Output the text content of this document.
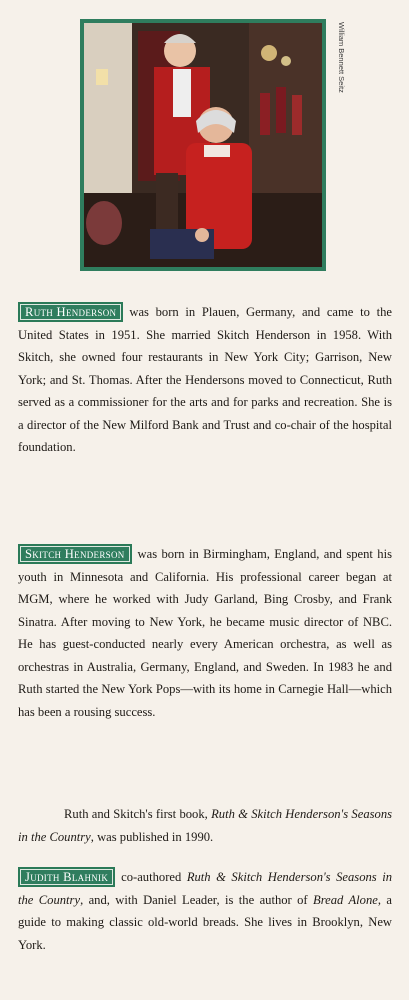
William Bennett Seitz

Ruth Henderson was born in Plauen, Germany, and came to the United States in 1951. She married Skitch Henderson in 1958. With Skitch, she owned four restaurants in New York City; Garrison, New York; and St. Thomas. After the Hendersons moved to Connecticut, Ruth served as a commissioner for the arts and for parks and recreation. She is a director of the New Milford Bank and Trust and co-chair of the hospital foundation.

Skitch Henderson was born in Birmingham, England, and spent his youth in Minnesota and California. His professional career began at MGM, where he worked with Judy Garland, Bing Crosby, and Frank Sinatra. After moving to New York, he became music director of NBC. He has guest-conducted nearly every American orchestra, as well as orchestras in Australia, Germany, England, and Sweden. In 1983 he and Ruth started the New York Pops—with its home in Carnegie Hall—which has been a rousing success.

Ruth and Skitch's first book, Ruth & Skitch Henderson's Seasons in the Country, was published in 1990.

Judith Blahnik co-authored Ruth & Skitch Henderson's Seasons in the Country, and, with Daniel Leader, is the author of Bread Alone, a guide to making classic old-world breads. She lives in Brooklyn, New York.
